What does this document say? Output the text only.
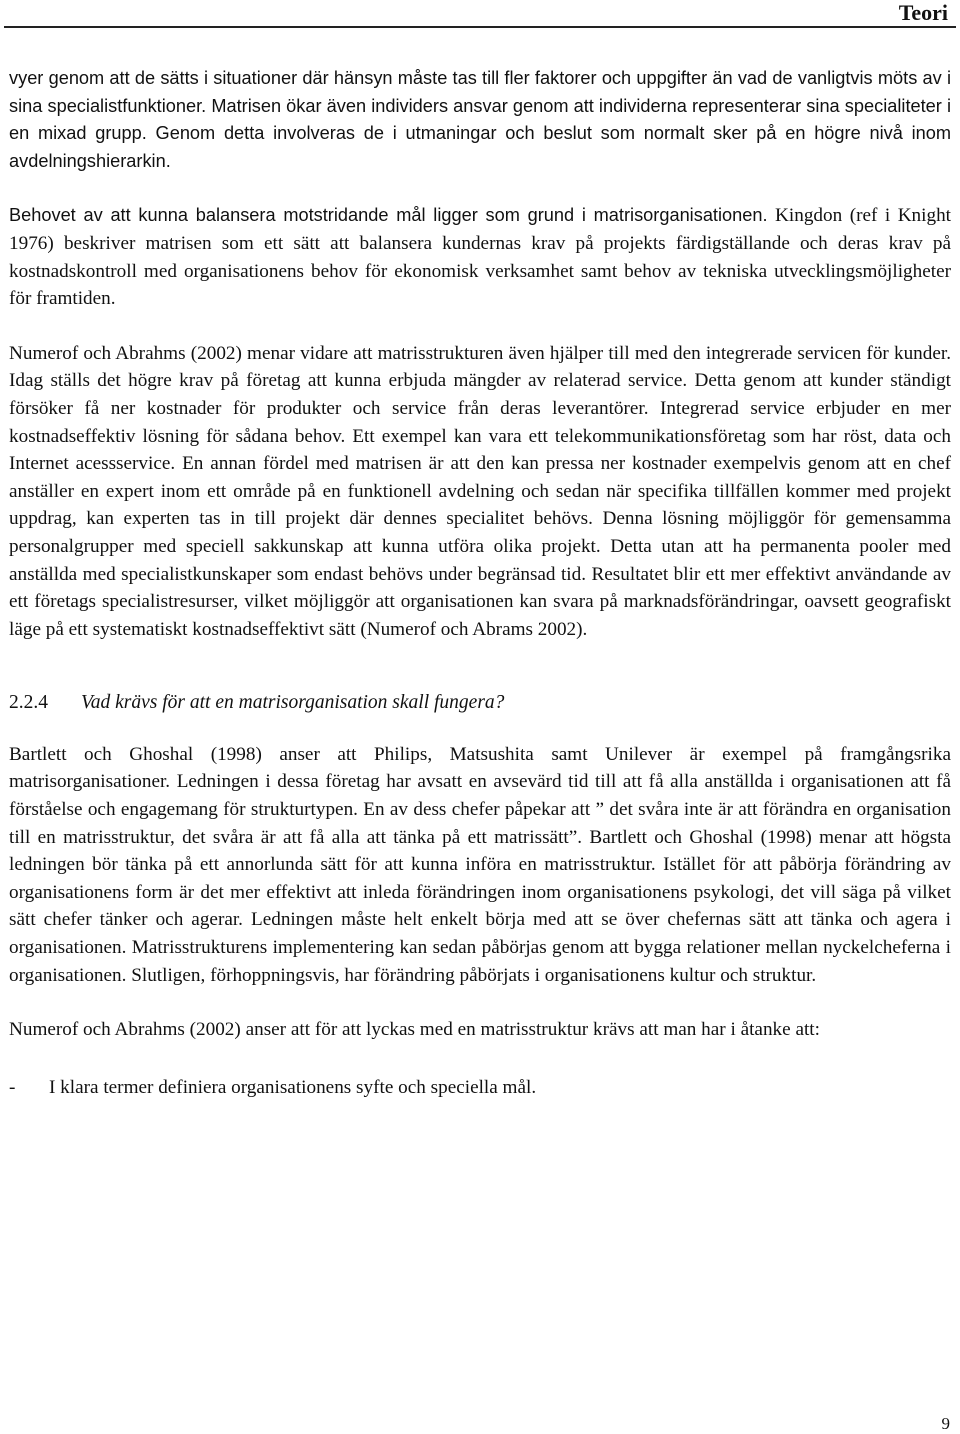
Teori

vyer genom att de sätts i situationer där hänsyn måste tas till fler faktorer och uppgifter än vad de vanligtvis möts av i sina specialistfunktioner. Matrisen ökar även individers ansvar genom att individerna representerar sina specialiteter i en mixad grupp. Genom detta involveras de i utmaningar och beslut som normalt sker på en högre nivå inom avdelningshierarkin.

Behovet av att kunna balansera motstridande mål ligger som grund i matrisorganisationen. Kingdon (ref i Knight 1976) beskriver matrisen som ett sätt att balansera kundernas krav på projekts färdigställande och deras krav på kostnadskontroll med organisationens behov för ekonomisk verksamhet samt behov av tekniska utvecklingsmöjligheter för framtiden.

Numerof och Abrahms (2002) menar vidare att matrisstrukturen även hjälper till med den integrerade servicen för kunder. Idag ställs det högre krav på företag att kunna erbjuda mängder av relaterad service. Detta genom att kunder ständigt försöker få ner kostnader för produkter och service från deras leverantörer. Integrerad service erbjuder en mer kostnadseffektiv lösning för sådana behov. Ett exempel kan vara ett telekommunikationsföretag som har röst, data och Internet acessservice. En annan fördel med matrisen är att den kan pressa ner kostnader exempelvis genom att en chef anställer en expert inom ett område på en funktionell avdelning och sedan när specifika tillfällen kommer med projekt uppdrag, kan experten tas in till projekt där dennes specialitet behövs. Denna lösning möjliggör för gemensamma personalgrupper med speciell sakkunskap att kunna utföra olika projekt. Detta utan att ha permanenta pooler med anställda med specialistkunskaper som endast behövs under begränsad tid. Resultatet blir ett mer effektivt användande av ett företags specialistresurser, vilket möjliggör att organisationen kan svara på marknadsförändringar, oavsett geografiskt läge på ett systematiskt kostnadseffektivt sätt (Numerof och Abrams 2002).

2.2.4 Vad krävs för att en matrisorganisation skall fungera?

Bartlett och Ghoshal (1998) anser att Philips, Matsushita samt Unilever är exempel på framgångsrika matrisorganisationer. Ledningen i dessa företag har avsatt en avsevärd tid till att få alla anställda i organisationen att få förståelse och engagemang för strukturtypen. En av dess chefer påpekar att ” det svåra inte är att förändra en organisation till en matrisstruktur, det svåra är att få alla att tänka på ett matrissätt”. Bartlett och Ghoshal (1998) menar att högsta ledningen bör tänka på ett annorlunda sätt för att kunna införa en matrisstruktur. Istället för att påbörja förändring av organisationens form är det mer effektivt att inleda förändringen inom organisationens psykologi, det vill säga på vilket sätt chefer tänker och agerar. Ledningen måste helt enkelt börja med att se över chefernas sätt att tänka och agera i organisationen. Matrisstrukturens implementering kan sedan påbörjas genom att bygga relationer mellan nyckelcheferna i organisationen. Slutligen, förhoppningsvis, har förändring påbörjats i organisationens kultur och struktur.

Numerof och Abrahms (2002) anser att för att lyckas med en matrisstruktur krävs att man har i åtanke att:

-	I klara termer definiera organisationens syfte och speciella mål.
9
